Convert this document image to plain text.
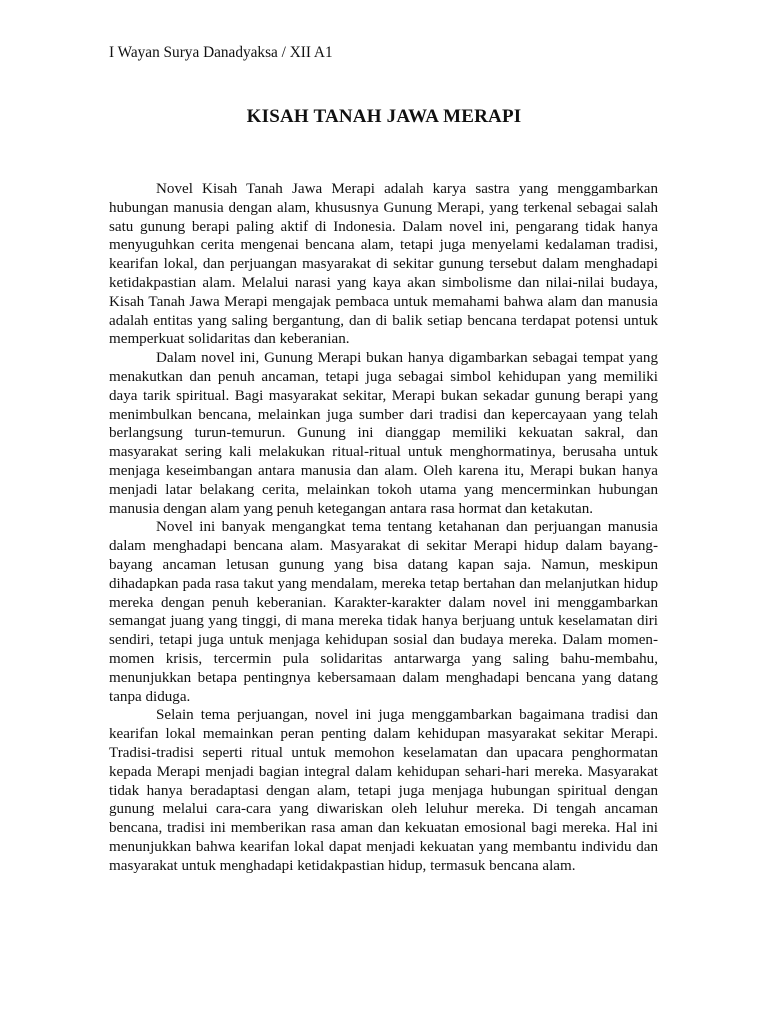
I Wayan Surya Danadyaksa / XII A1
KISAH TANAH JAWA MERAPI

Novel Kisah Tanah Jawa Merapi adalah karya sastra yang menggambarkan hubungan manusia dengan alam, khususnya Gunung Merapi, yang terkenal sebagai salah satu gunung berapi paling aktif di Indonesia. Dalam novel ini, pengarang tidak hanya menyuguhkan cerita mengenai bencana alam, tetapi juga menyelami kedalaman tradisi, kearifan lokal, dan perjuangan masyarakat di sekitar gunung tersebut dalam menghadapi ketidakpastian alam. Melalui narasi yang kaya akan simbolisme dan nilai-nilai budaya, Kisah Tanah Jawa Merapi mengajak pembaca untuk memahami bahwa alam dan manusia adalah entitas yang saling bergantung, dan di balik setiap bencana terdapat potensi untuk memperkuat solidaritas dan keberanian.

Dalam novel ini, Gunung Merapi bukan hanya digambarkan sebagai tempat yang menakutkan dan penuh ancaman, tetapi juga sebagai simbol kehidupan yang memiliki daya tarik spiritual. Bagi masyarakat sekitar, Merapi bukan sekadar gunung berapi yang menimbulkan bencana, melainkan juga sumber dari tradisi dan kepercayaan yang telah berlangsung turun-temurun. Gunung ini dianggap memiliki kekuatan sakral, dan masyarakat sering kali melakukan ritual-ritual untuk menghormatinya, berusaha untuk menjaga keseimbangan antara manusia dan alam. Oleh karena itu, Merapi bukan hanya menjadi latar belakang cerita, melainkan tokoh utama yang mencerminkan hubungan manusia dengan alam yang penuh ketegangan antara rasa hormat dan ketakutan.

Novel ini banyak mengangkat tema tentang ketahanan dan perjuangan manusia dalam menghadapi bencana alam. Masyarakat di sekitar Merapi hidup dalam bayang-bayang ancaman letusan gunung yang bisa datang kapan saja. Namun, meskipun dihadapkan pada rasa takut yang mendalam, mereka tetap bertahan dan melanjutkan hidup mereka dengan penuh keberanian. Karakter-karakter dalam novel ini menggambarkan semangat juang yang tinggi, di mana mereka tidak hanya berjuang untuk keselamatan diri sendiri, tetapi juga untuk menjaga kehidupan sosial dan budaya mereka. Dalam momen-momen krisis, tercermin pula solidaritas antarwarga yang saling bahu-membahu, menunjukkan betapa pentingnya kebersamaan dalam menghadapi bencana yang datang tanpa diduga.

Selain tema perjuangan, novel ini juga menggambarkan bagaimana tradisi dan kearifan lokal memainkan peran penting dalam kehidupan masyarakat sekitar Merapi. Tradisi-tradisi seperti ritual untuk memohon keselamatan dan upacara penghormatan kepada Merapi menjadi bagian integral dalam kehidupan sehari-hari mereka. Masyarakat tidak hanya beradaptasi dengan alam, tetapi juga menjaga hubungan spiritual dengan gunung melalui cara-cara yang diwariskan oleh leluhur mereka. Di tengah ancaman bencana, tradisi ini memberikan rasa aman dan kekuatan emosional bagi mereka. Hal ini menunjukkan bahwa kearifan lokal dapat menjadi kekuatan yang membantu individu dan masyarakat untuk menghadapi ketidakpastian hidup, termasuk bencana alam.
